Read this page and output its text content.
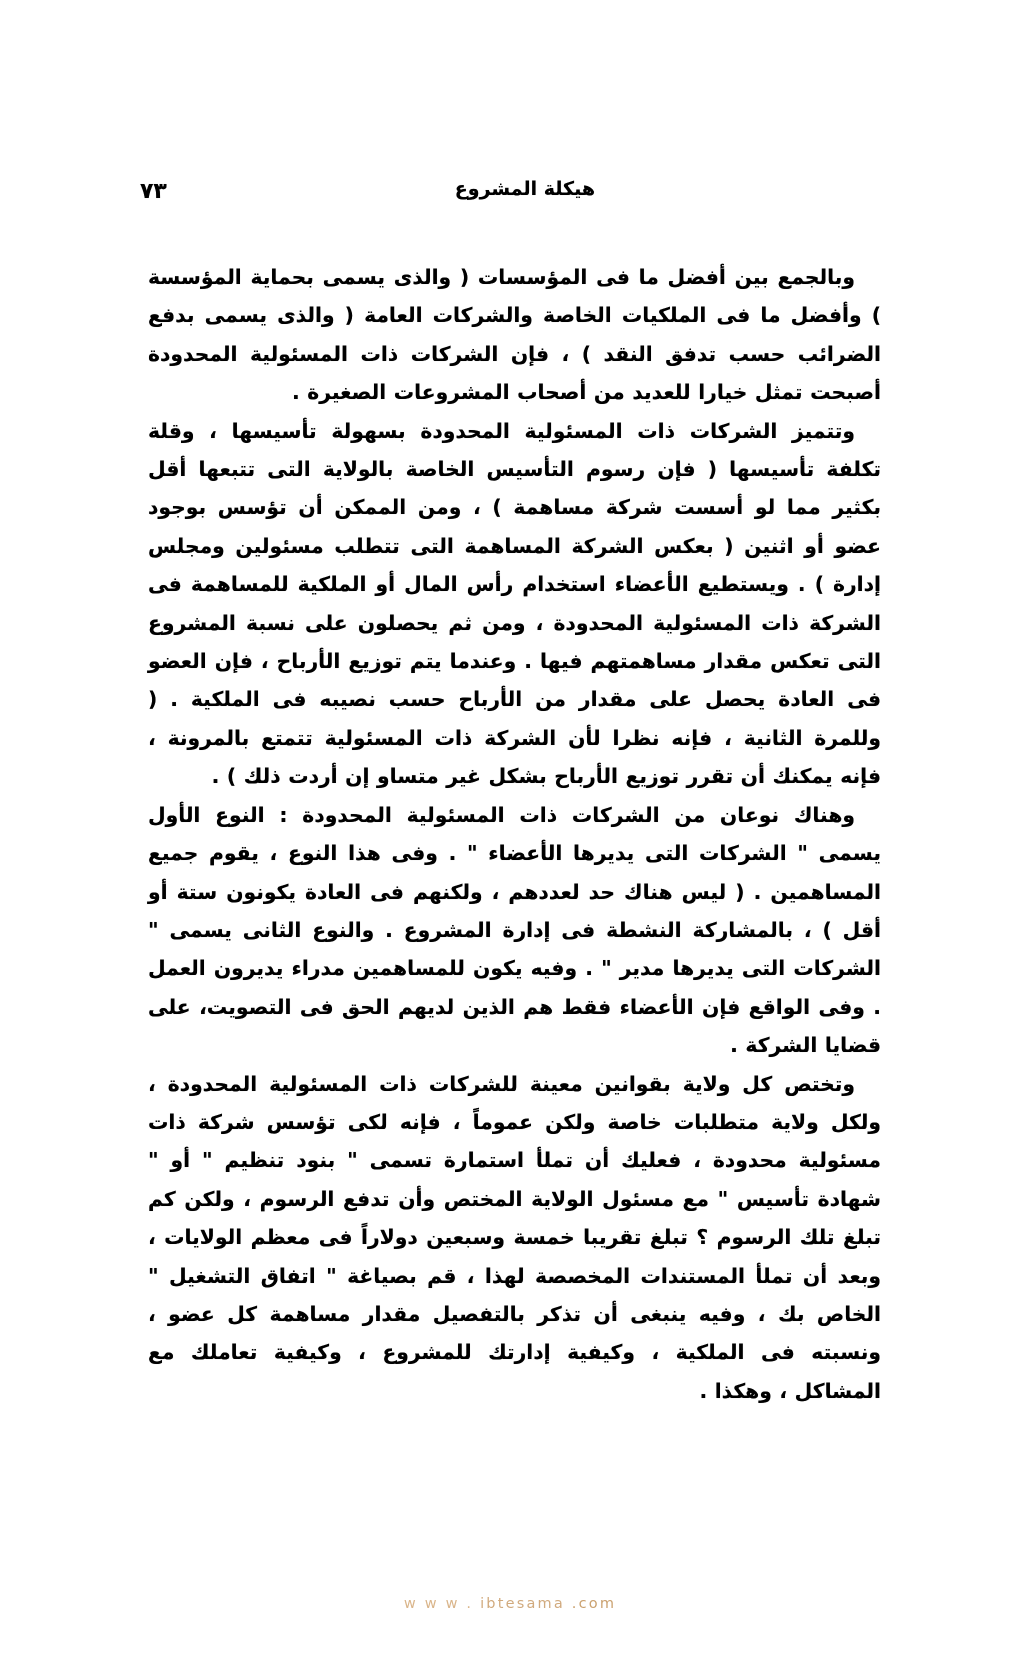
هيكلة المشروع
٧٣

وبالجمع بين أفضل ما فى المؤسسات ( والذى يسمى بحماية المؤسسة ) وأفضل ما فى الملكيات الخاصة والشركات العامة ( والذى يسمى بدفع الضرائب حسب تدفق النقد ) ، فإن الشركات ذات المسئولية المحدودة أصبحت تمثل خيارا للعديد من أصحاب المشروعات الصغيرة .

وتتميز الشركات ذات المسئولية المحدودة بسهولة تأسيسها ، وقلة تكلفة تأسيسها ( فإن رسوم التأسيس الخاصة بالولاية التى تتبعها أقل بكثير مما لو أسست شركة مساهمة ) ، ومن الممكن أن تؤسس بوجود عضو أو اثنين ( بعكس الشركة المساهمة التى تتطلب مسئولين ومجلس إدارة ) . ويستطيع الأعضاء استخدام رأس المال أو الملكية للمساهمة فى الشركة ذات المسئولية المحدودة ، ومن ثم يحصلون على نسبة المشروع التى تعكس مقدار مساهمتهم فيها . وعندما يتم توزيع الأرباح ، فإن العضو فى العادة يحصل على مقدار من الأرباح حسب نصيبه فى الملكية . ( وللمرة الثانية ، فإنه نظرا لأن الشركة ذات المسئولية تتمتع بالمرونة ، فإنه يمكنك أن تقرر توزيع الأرباح بشكل غير متساو إن أردت ذلك ) .

وهناك نوعان من الشركات ذات المسئولية المحدودة : النوع الأول يسمى " الشركات التى يديرها الأعضاء " . وفى هذا النوع ، يقوم جميع المساهمين . ( ليس هناك حد لعددهم ، ولكنهم فى العادة يكونون ستة أو أقل ) ، بالمشاركة النشطة فى إدارة المشروع . والنوع الثانى يسمى " الشركات التى يديرها مدير " . وفيه يكون للمساهمين مدراء يديرون العمل . وفى الواقع فإن الأعضاء فقط هم الذين لديهم الحق فى التصويت، على قضايا الشركة .

وتختص كل ولاية بقوانين معينة للشركات ذات المسئولية المحدودة ، ولكل ولاية متطلبات خاصة ولكن عموماً ، فإنه لكى تؤسس شركة ذات مسئولية محدودة ، فعليك أن تملأ استمارة تسمى " بنود تنظيم " أو " شهادة تأسيس " مع مسئول الولاية المختص وأن تدفع الرسوم ، ولكن كم تبلغ تلك الرسوم ؟ تبلغ تقريبا خمسة وسبعين دولاراً فى معظم الولايات ، وبعد أن تملأ المستندات المخصصة لهذا ، قم بصياغة " اتفاق التشغيل " الخاص بك ، وفيه ينبغى أن تذكر بالتفصيل مقدار مساهمة كل عضو ، ونسبته فى الملكية ، وكيفية إدارتك للمشروع ، وكيفية تعاملك مع المشاكل ، وهكذا .

w w w . ibtesama .com
